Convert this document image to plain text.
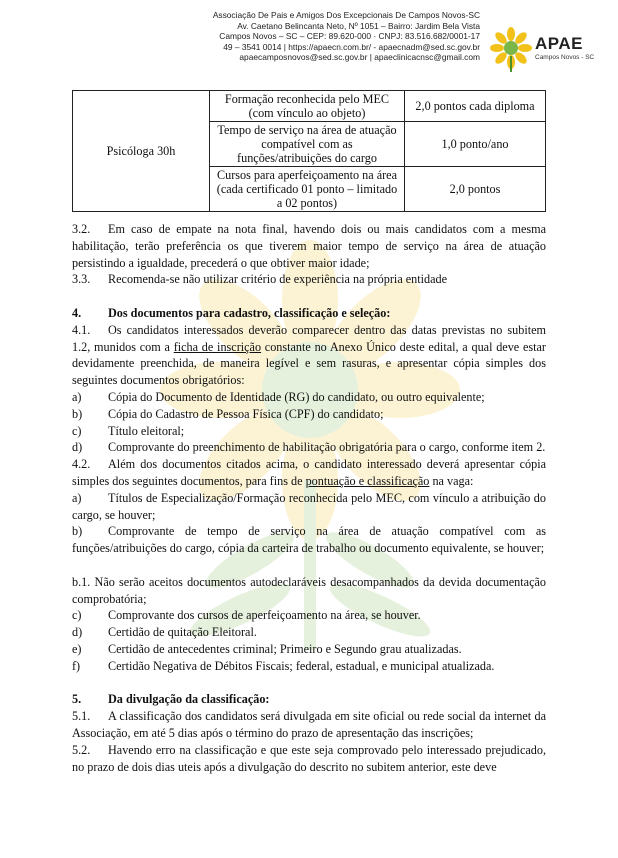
Associação De Pais e Amigos Dos Excepcionais De Campos Novos-SC
Av. Caetano Belincanta Neto, Nº 1051 – Bairro: Jardim Bela Vista
Campos Novos – SC – CEP: 89.620-000 · CNPJ: 83.516.682/0001-17
49 – 3541 0014 | https://apaecn.com.br/ - apaecnadm@sed.sc.gov.br
apaecamposnovos@sed.sc.gov.br | apaeclinicacnsc@gmail.com
APAE
Campos Novos - SC
Psicóloga 30h	Formação reconhecida pelo MEC (com vínculo ao objeto)	2,0 pontos cada diploma
	Tempo de serviço na área de atuação compatível com as funções/atribuições do cargo	1,0 ponto/ano
	Cursos para aperfeiçoamento na área (cada certificado 01 ponto – limitado a 02 pontos)	2,0 pontos

3.2. Em caso de empate na nota final, havendo dois ou mais candidatos com a mesma habilitação, terão preferência os que tiverem maior tempo de serviço na área de atuação persistindo a igualdade, precederá o que obtiver maior idade;

3.3. Recomenda-se não utilizar critério de experiência na própria entidade

4. Dos documentos para cadastro, classificação e seleção:

4.1. Os candidatos interessados deverão comparecer dentro das datas previstas no subitem 1.2, munidos com a ficha de inscrição constante no Anexo Único deste edital, a qual deve estar devidamente preenchida, de maneira legível e sem rasuras, e apresentar cópia simples dos seguintes documentos obrigatórios:

a) Cópia do Documento de Identidade (RG) do candidato, ou outro equivalente;

b) Cópia do Cadastro de Pessoa Física (CPF) do candidato;

c) Título eleitoral;

d) Comprovante do preenchimento de habilitação obrigatória para o cargo, conforme item 2.

4.2. Além dos documentos citados acima, o candidato interessado deverá apresentar cópia simples dos seguintes documentos, para fins de pontuação e classificação na vaga:

a) Títulos de Especialização/Formação reconhecida pelo MEC, com vínculo a atribuição do cargo, se houver;

b) Comprovante de tempo de serviço na área de atuação compatível com as funções/atribuições do cargo, cópia da carteira de trabalho ou documento equivalente, se houver;

b.1. Não serão aceitos documentos autodeclaráveis desacompanhados da devida documentação comprobatória;

c) Comprovante dos cursos de aperfeiçoamento na área, se houver.

d) Certidão de quitação Eleitoral.

e) Certidão de antecedentes criminal; Primeiro e Segundo grau atualizadas.

f) Certidão Negativa de Débitos Fiscais; federal, estadual, e municipal atualizada.

5. Da divulgação da classificação:

5.1. A classificação dos candidatos será divulgada em site oficial ou rede social da internet da Associação, em até 5 dias após o término do prazo de apresentação das inscrições;

5.2. Havendo erro na classificação e que este seja comprovado pelo interessado prejudicado, no prazo de dois dias uteis após a divulgação do descrito no subitem anterior, este deve
